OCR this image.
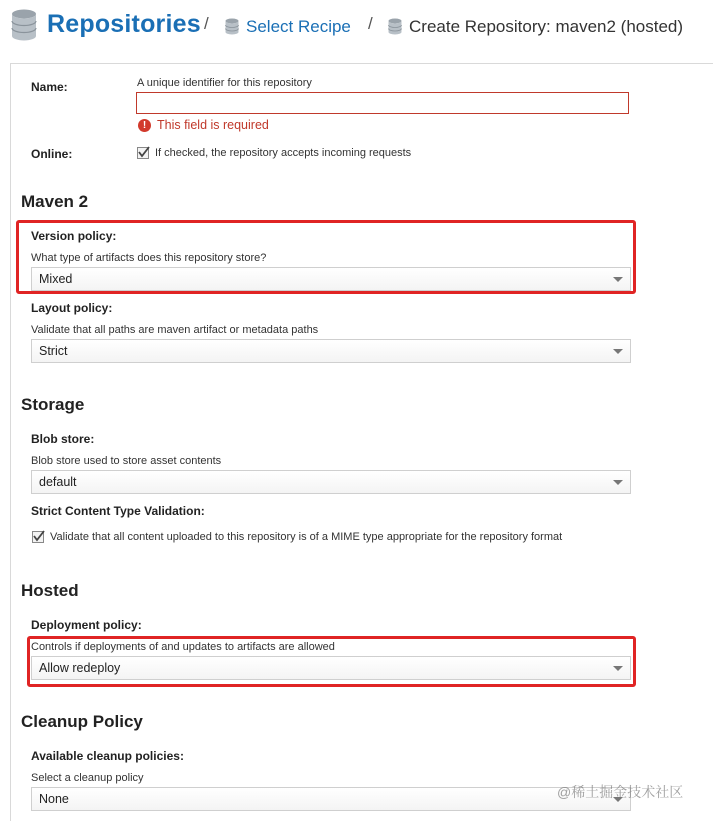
Repositories / Select Recipe / Create Repository: maven2 (hosted)
Name:	A unique identifier for this repository
! This field is required
Online:	If checked, the repository accepts incoming requests
Maven 2
Version policy:
What type of artifacts does this repository store?
Mixed
Layout policy:
Validate that all paths are maven artifact or metadata paths
Strict
Storage
Blob store:
Blob store used to store asset contents
default
Strict Content Type Validation:
Validate that all content uploaded to this repository is of a MIME type appropriate for the repository format
Hosted
Deployment policy:
Controls if deployments of and updates to artifacts are allowed
Allow redeploy
Cleanup Policy
Available cleanup policies:
Select a cleanup policy
None	@稀土掘金技术社区
